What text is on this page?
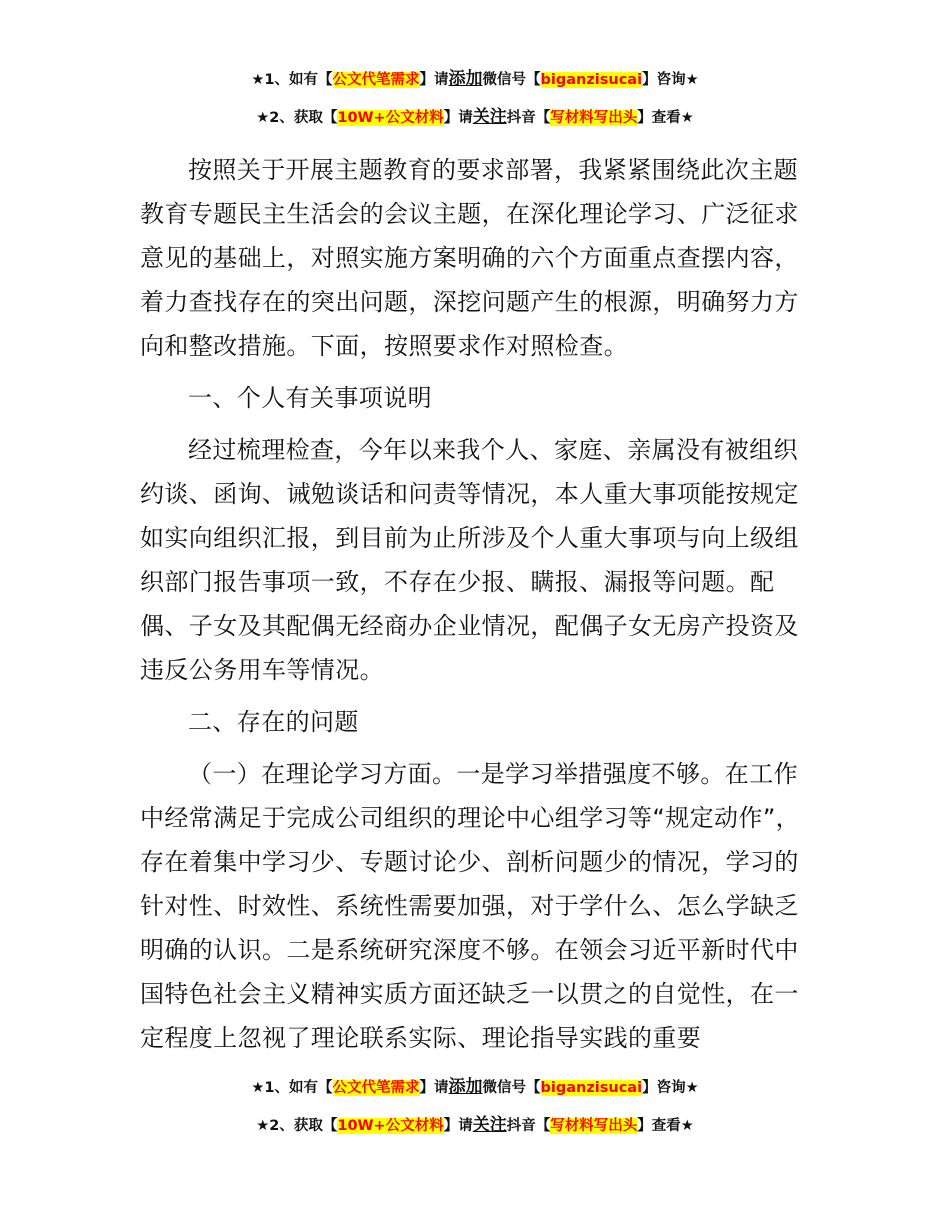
★1、如有【公文代笔需求】请添加微信号【biganzisucai】咨询★
★2、获取【10W+公文材料】请关注抖音【写材料写出头】查看★

按照关于开展主题教育的要求部署，我紧紧围绕此次主题教育专题民主生活会的会议主题，在深化理论学习、广泛征求意见的基础上，对照实施方案明确的六个方面重点查摆内容，着力查找存在的突出问题，深挖问题产生的根源，明确努力方向和整改措施。下面，按照要求作对照检查。

一、个人有关事项说明

经过梳理检查，今年以来我个人、家庭、亲属没有被组织约谈、函询、诫勉谈话和问责等情况，本人重大事项能按规定如实向组织汇报，到目前为止所涉及个人重大事项与向上级组织部门报告事项一致，不存在少报、瞒报、漏报等问题。配偶、子女及其配偶无经商办企业情况，配偶子女无房产投资及违反公务用车等情况。

二、存在的问题

（一）在理论学习方面。一是学习举措强度不够。在工作中经常满足于完成公司组织的理论中心组学习等“规定动作”，存在着集中学习少、专题讨论少、剖析问题少的情况，学习的针对性、时效性、系统性需要加强，对于学什么、怎么学缺乏明确的认识。二是系统研究深度不够。在领会习近平新时代中国特色社会主义精神实质方面还缺乏一以贯之的自觉性，在一定程度上忽视了理论联系实际、理论指导实践的重要

★1、如有【公文代笔需求】请添加微信号【biganzisucai】咨询★
★2、获取【10W+公文材料】请关注抖音【写材料写出头】查看★
